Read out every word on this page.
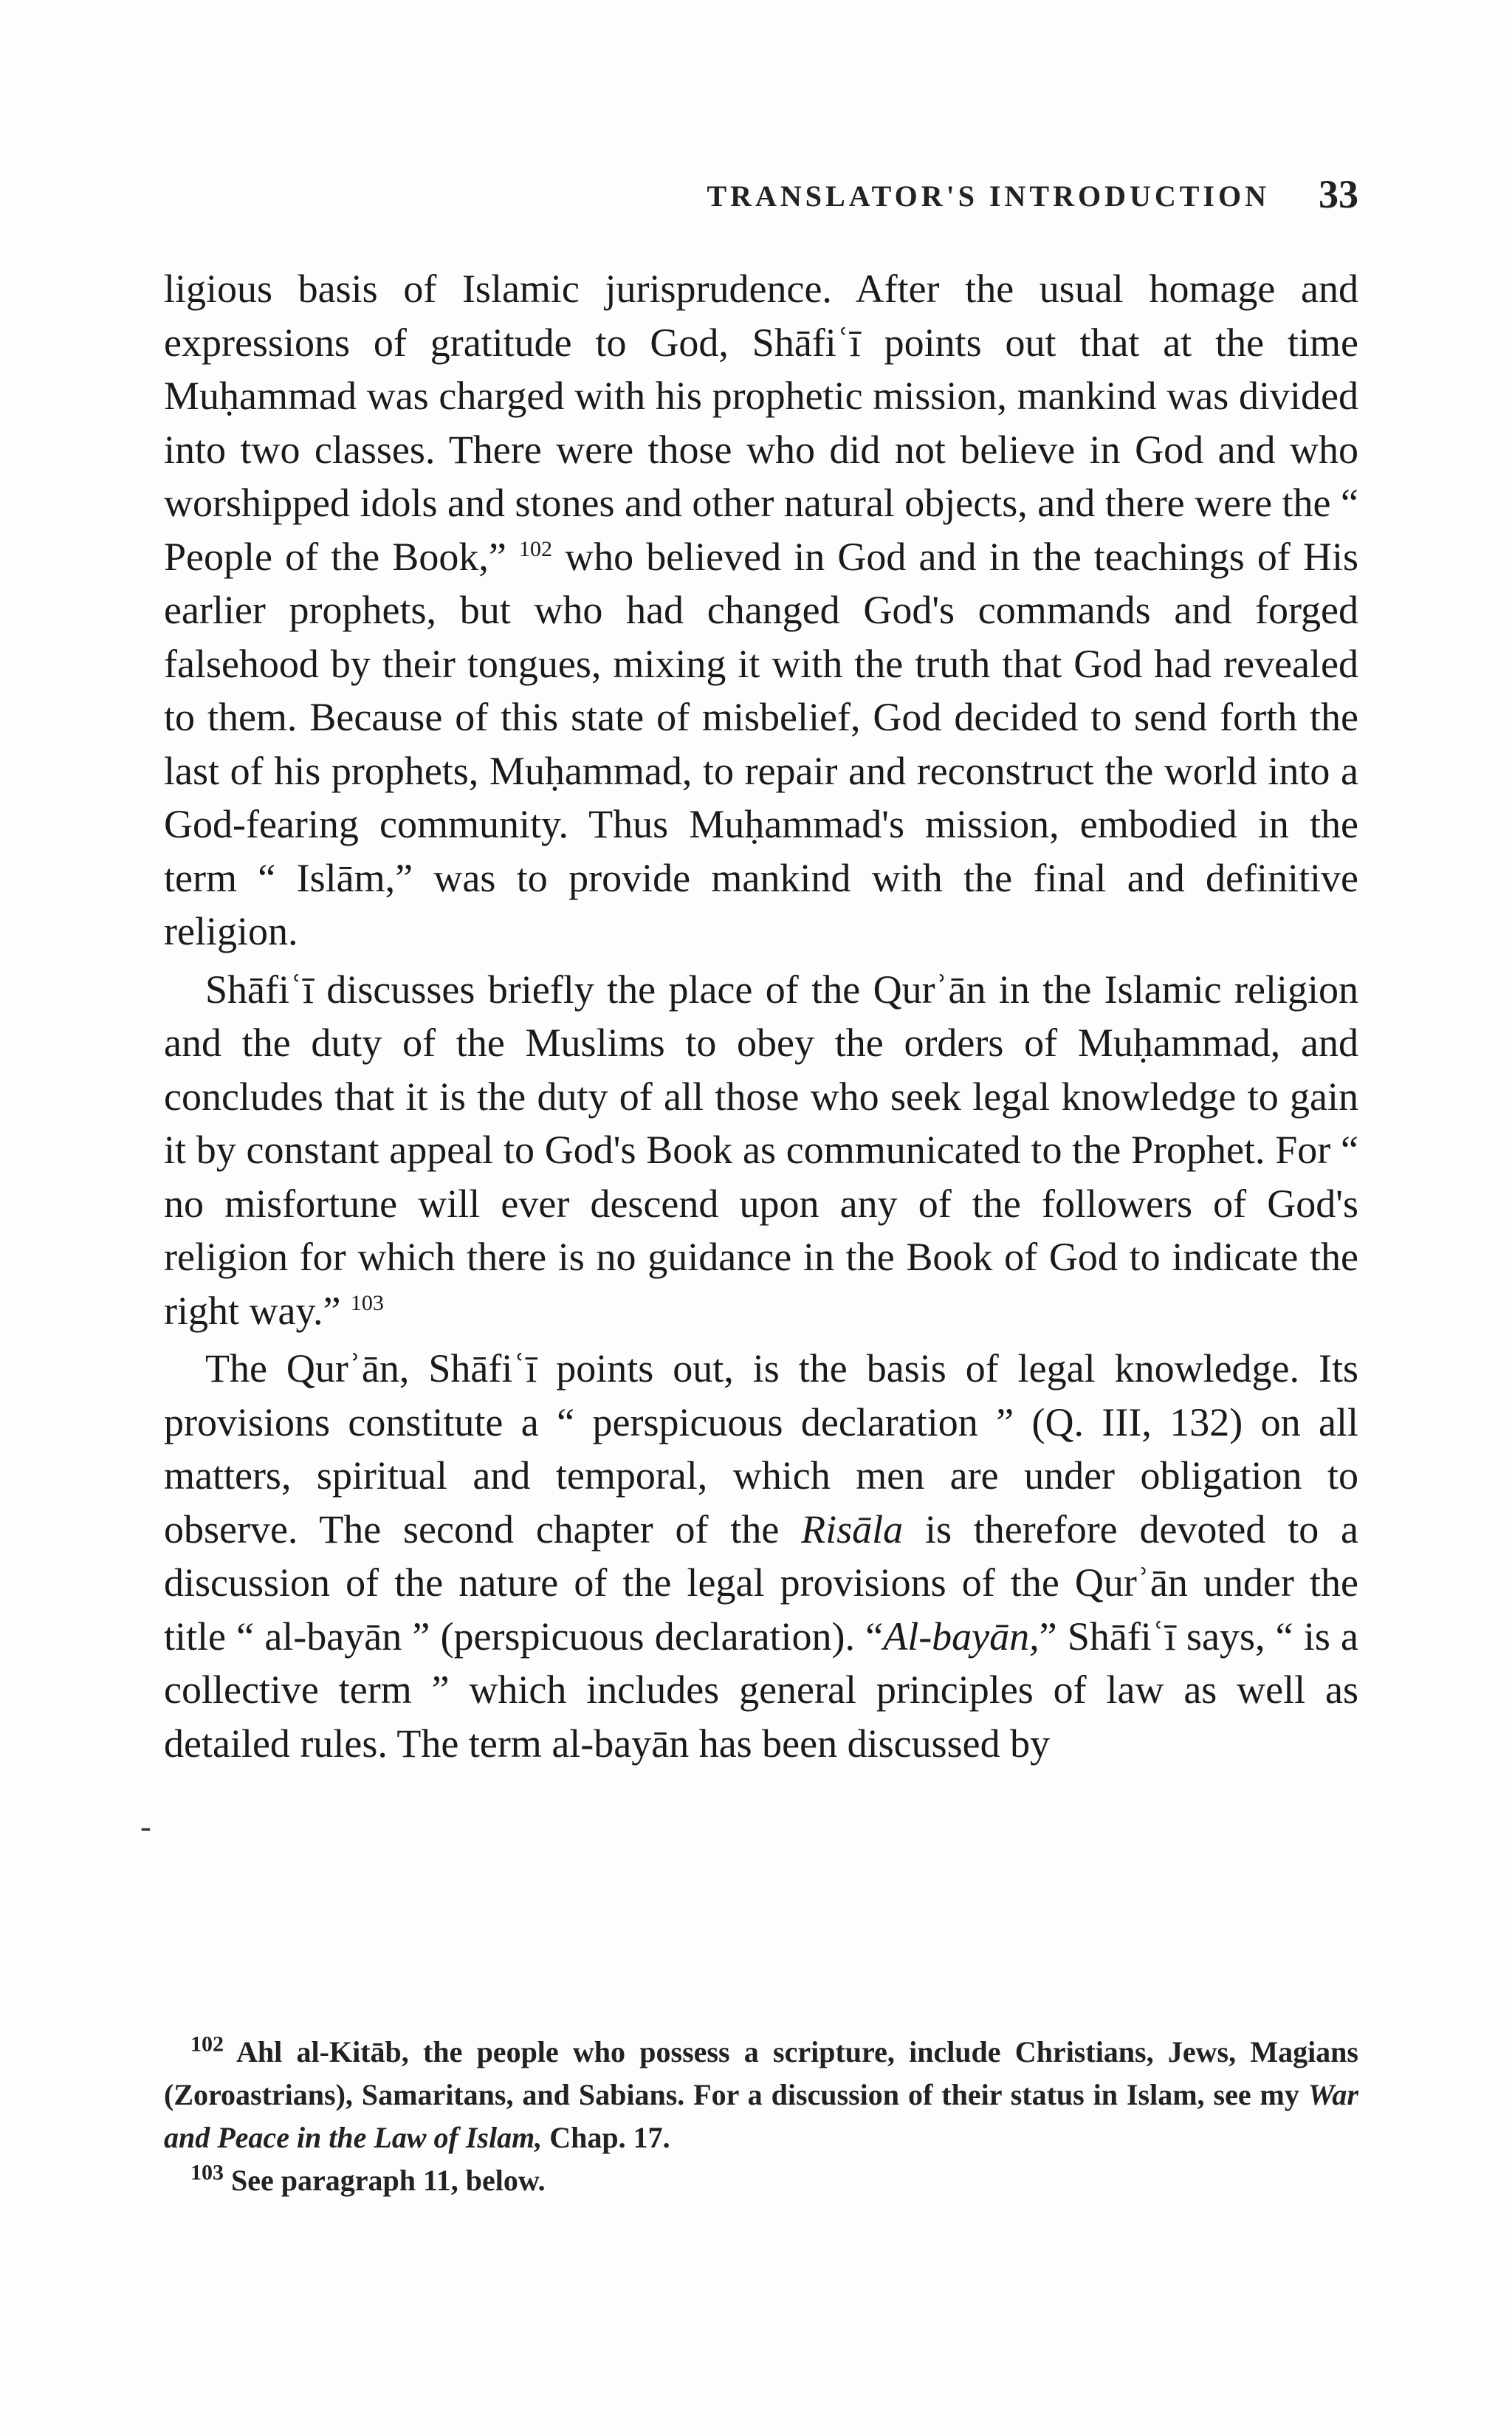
TRANSLATOR'S INTRODUCTION 33

ligious basis of Islamic jurisprudence. After the usual homage and expressions of gratitude to God, Shāfiʿī points out that at the time Muḥammad was charged with his prophetic mission, mankind was divided into two classes. There were those who did not believe in God and who worshipped idols and stones and other natural objects, and there were the “ People of the Book,” $^{102}$ who believed in God and in the teachings of His earlier prophets, but who had changed God's commands and forged falsehood by their tongues, mixing it with the truth that God had revealed to them. Because of this state of misbelief, God decided to send forth the last of his prophets, Muḥammad, to repair and reconstruct the world into a God-fearing community. Thus Muḥammad's mission, embodied in the term “ Islām,” was to provide mankind with the final and definitive religion.

Shāfiʿī discusses briefly the place of the Qurʾān in the Islamic religion and the duty of the Muslims to obey the orders of Muḥammad, and concludes that it is the duty of all those who seek legal knowledge to gain it by constant appeal to God's Book as communicated to the Prophet. For “ no misfortune will ever descend upon any of the followers of God's religion for which there is no guidance in the Book of God to indicate the right way.” $^{103}$

The Qurʾān, Shāfiʿī points out, is the basis of legal knowledge. Its provisions constitute a “ perspicuous declaration ” (Q. III, 132) on all matters, spiritual and temporal, which men are under obligation to observe. The second chapter of the Risāla is therefore devoted to a discussion of the nature of the legal provisions of the Qurʾān under the title “ al-bayān ” (perspicuous declaration). “Al-bayān,” Shāfiʿī says, “ is a collective term ” which includes general principles of law as well as detailed rules. The term al-bayān has been discussed by

-

$^{102}$ Ahl al-Kitāb, the people who possess a scripture, include Christians, Jews, Magians (Zoroastrians), Samaritans, and Sabians. For a discussion of their status in Islam, see my War and Peace in the Law of Islam, Chap. 17.

$^{103}$ See paragraph 11, below.
